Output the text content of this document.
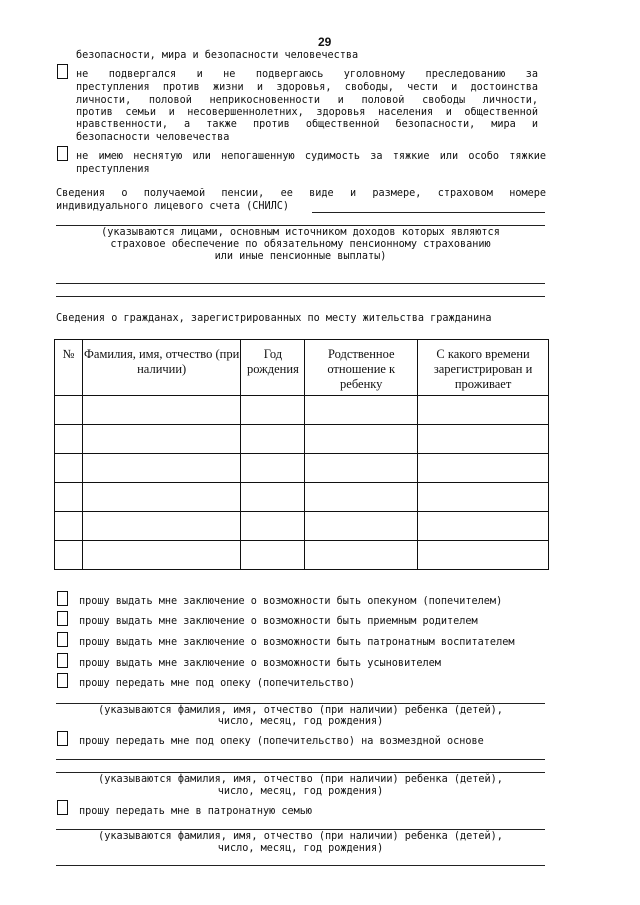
29
безопасности, мира и безопасности человечества
не подвергался и не подвергаюсь уголовному преследованию за
преступления против жизни и здоровья, свободы, чести и достоинства
личности, половой неприкосновенности и половой свободы личности,
против семьи и несовершеннолетних, здоровья населения и общественной
нравственности, а также против общественной безопасности, мира и
безопасности человечества
не имею неснятую или непогашенную судимость за тяжкие или особо тяжкие
преступления
Сведения о получаемой пенсии, ее виде и размере, страховом номере
индивидуального лицевого счета (СНИЛС)
(указываются лицами, основным источником доходов которых являются
страховое обеспечение по обязательному пенсионному страхованию
или иные пенсионные выплаты)
Сведения о гражданах, зарегистрированных по месту жительства гражданина
№	Фамилия, имя, отчество (при наличии)	Год рождения	Родственное отношение к ребенку	С какого времени зарегистрирован и проживает

прошу выдать мне заключение о возможности быть опекуном (попечителем)
прошу выдать мне заключение о возможности быть приемным родителем
прошу выдать мне заключение о возможности быть патронатным воспитателем
прошу выдать мне заключение о возможности быть усыновителем
прошу передать мне под опеку (попечительство)
(указываются фамилия, имя, отчество (при наличии) ребенка (детей),
число, месяц, год рождения)
прошу передать мне под опеку (попечительство) на возмездной основе
(указываются фамилия, имя, отчество (при наличии) ребенка (детей),
число, месяц, год рождения)
прошу передать мне в патронатную семью
(указываются фамилия, имя, отчество (при наличии) ребенка (детей),
число, месяц, год рождения)
